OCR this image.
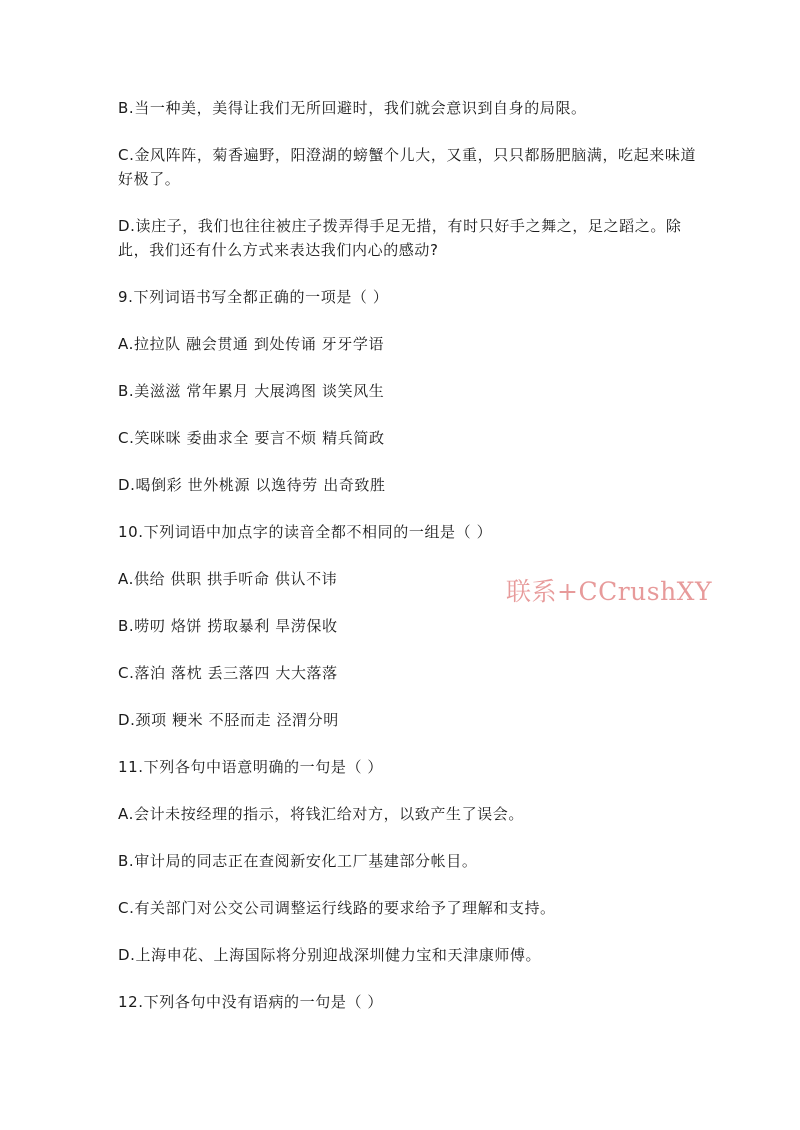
B.当一种美，美得让我们无所回避时，我们就会意识到自身的局限。

C.金风阵阵，菊香遍野，阳澄湖的螃蟹个儿大，又重，只只都肠肥脑满，吃起来味道好极了。

D.读庄子，我们也往往被庄子拨弄得手足无措，有时只好手之舞之，足之蹈之。除此，我们还有什么方式来表达我们内心的感动?

9.下列词语书写全都正确的一项是（ ）

A.拉拉队 融会贯通 到处传诵 牙牙学语

B.美滋滋 常年累月 大展鸿图 谈笑风生

C.笑咪咪 委曲求全 要言不烦 精兵简政

D.喝倒彩 世外桃源 以逸待劳 出奇致胜

10.下列词语中加点字的读音全都不相同的一组是（ ）

A.供给 供职 拱手听命 供认不讳

B.唠叨 烙饼 捞取暴利 旱涝保收

C.落泊 落枕 丢三落四 大大落落

D.颈项 粳米 不胫而走 泾渭分明

11.下列各句中语意明确的一句是（ ）

A.会计未按经理的指示，将钱汇给对方，以致产生了误会。

B.审计局的同志正在查阅新安化工厂基建部分帐目。

C.有关部门对公交公司调整运行线路的要求给予了理解和支持。

D.上海申花、上海国际将分别迎战深圳健力宝和天津康师傅。

12.下列各句中没有语病的一句是（ ）

联系+CCrushXY
